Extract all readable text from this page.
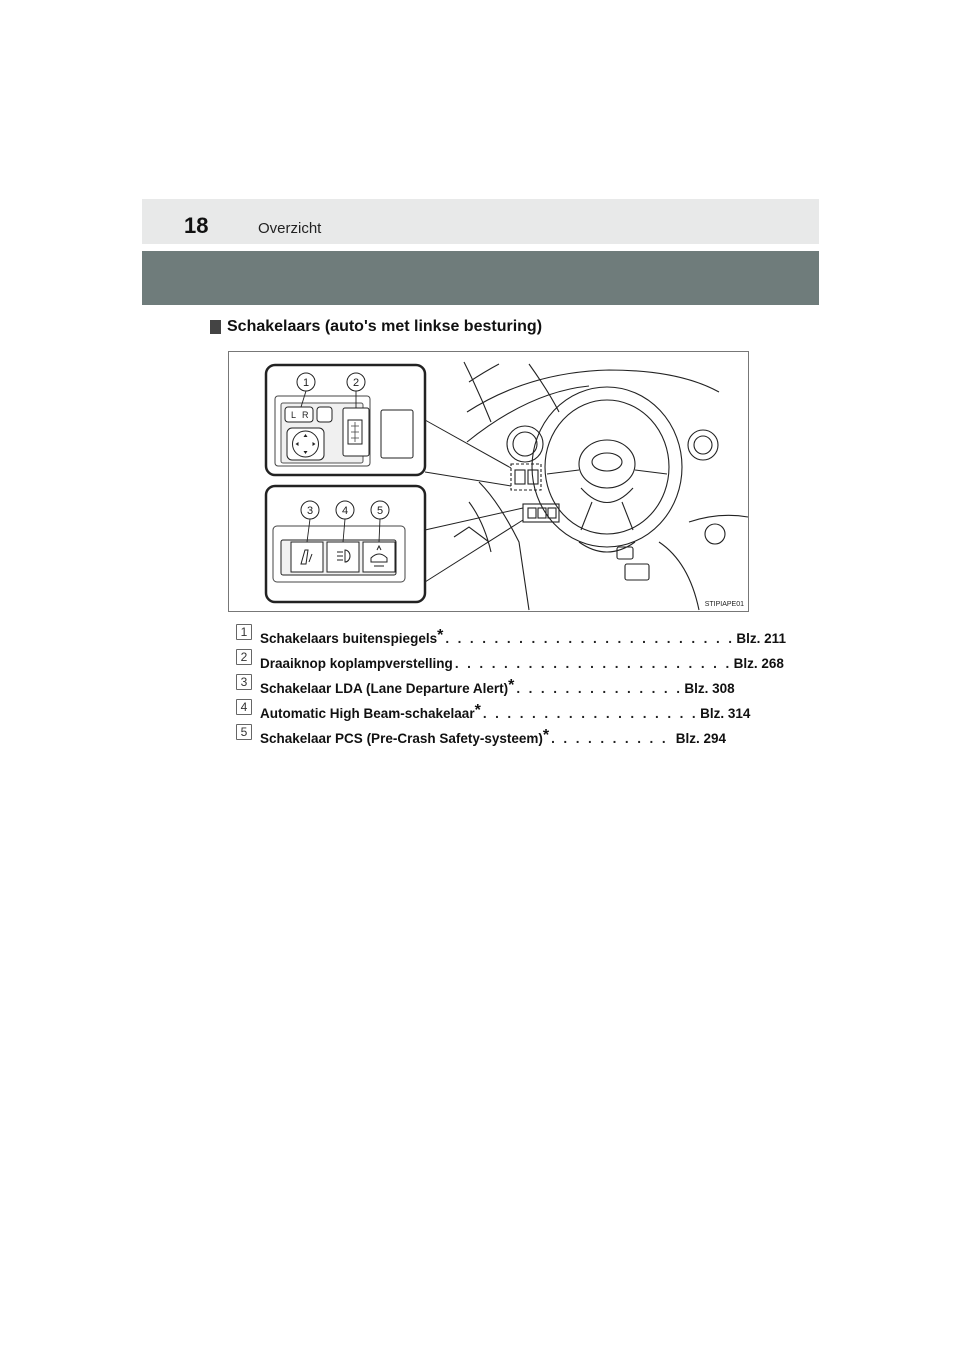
18	Overzicht
Schakelaars (auto's met linkse besturing)
L R
1	2
3	4	5
STIPIAPE01
1 Schakelaars buitenspiegels* . . . . . . . . . . . . . . . . . . . . . . . . Blz. 211
2 Draaiknop koplampverstelling . . . . . . . . . . . . . . . . . . . . . . . Blz. 268
3 Schakelaar LDA (Lane Departure Alert)* . . . . . . . . . . . . . . Blz. 308
4 Automatic High Beam-schakelaar* . . . . . . . . . . . . . . . . . . Blz. 314
5 Schakelaar PCS (Pre-Crash Safety-systeem)* . . . . . . . . . . Blz. 294
